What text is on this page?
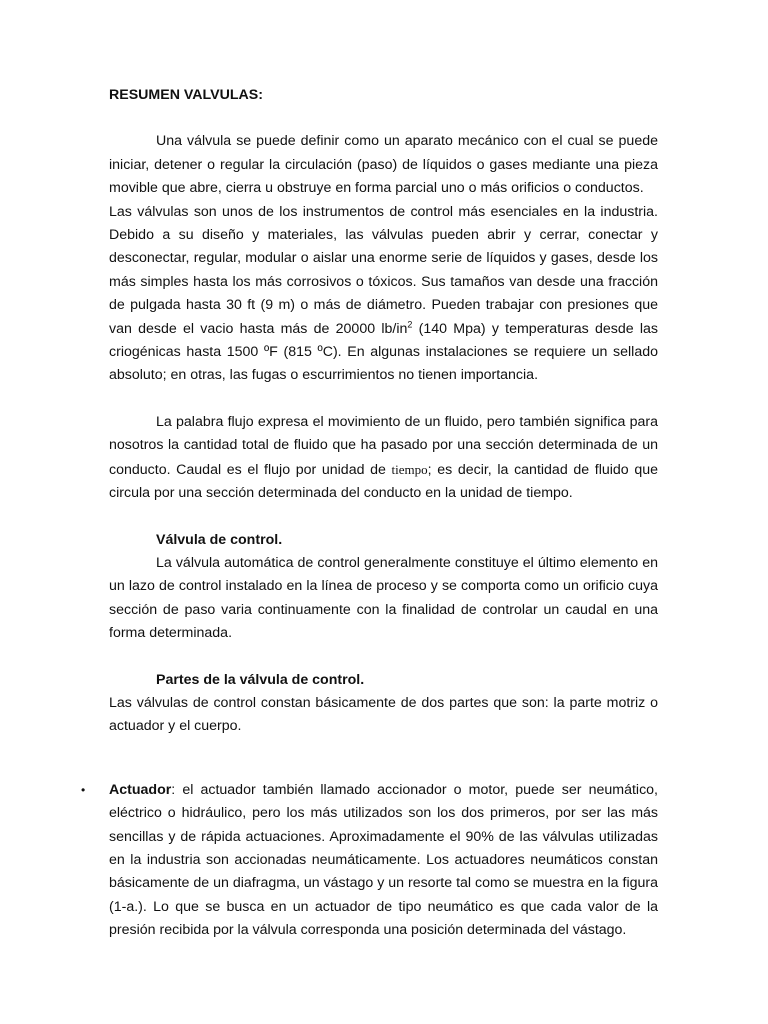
RESUMEN VALVULAS:

Una válvula se puede definir como un aparato mecánico con el cual se puede iniciar, detener o regular la circulación (paso) de líquidos o gases mediante una pieza movible que abre, cierra u obstruye en forma parcial uno o más orificios o conductos.

Las válvulas son unos de los instrumentos de control más esenciales en la industria. Debido a su diseño y materiales, las válvulas pueden abrir y cerrar, conectar y desconectar, regular, modular o aislar una enorme serie de líquidos y gases, desde los más simples hasta los más corrosivos o tóxicos. Sus tamaños van desde una fracción de pulgada hasta 30 ft (9 m) o más de diámetro. Pueden trabajar con presiones que van desde el vacio hasta más de 20000 $lb/in^2$ (140 Mpa) y temperaturas desde las criogénicas hasta 1500 ºF (815 ºC). En algunas instalaciones se requiere un sellado absoluto; en otras, las fugas o escurrimientos no tienen importancia.

La palabra flujo expresa el movimiento de un fluido, pero también significa para nosotros la cantidad total de fluido que ha pasado por una sección determinada de un conducto. Caudal es el flujo por unidad de tiempo; es decir, la cantidad de fluido que circula por una sección determinada del conducto en la unidad de tiempo.

Válvula de control.

La válvula automática de control generalmente constituye el último elemento en un lazo de control instalado en la línea de proceso y se comporta como un orificio cuya sección de paso varia continuamente con la finalidad de controlar un caudal en una forma determinada.

Partes de la válvula de control.

Las válvulas de control constan básicamente de dos partes que son: la parte motriz o actuador y el cuerpo.

• Actuador: el actuador también llamado accionador o motor, puede ser neumático, eléctrico o hidráulico, pero los más utilizados son los dos primeros, por ser las más sencillas y de rápida actuaciones. Aproximadamente el 90% de las válvulas utilizadas en la industria son accionadas neumáticamente. Los actuadores neumáticos constan básicamente de un diafragma, un vástago y un resorte tal como se muestra en la figura (1-a.). Lo que se busca en un actuador de tipo neumático es que cada valor de la presión recibida por la válvula corresponda una posición determinada del vástago.
